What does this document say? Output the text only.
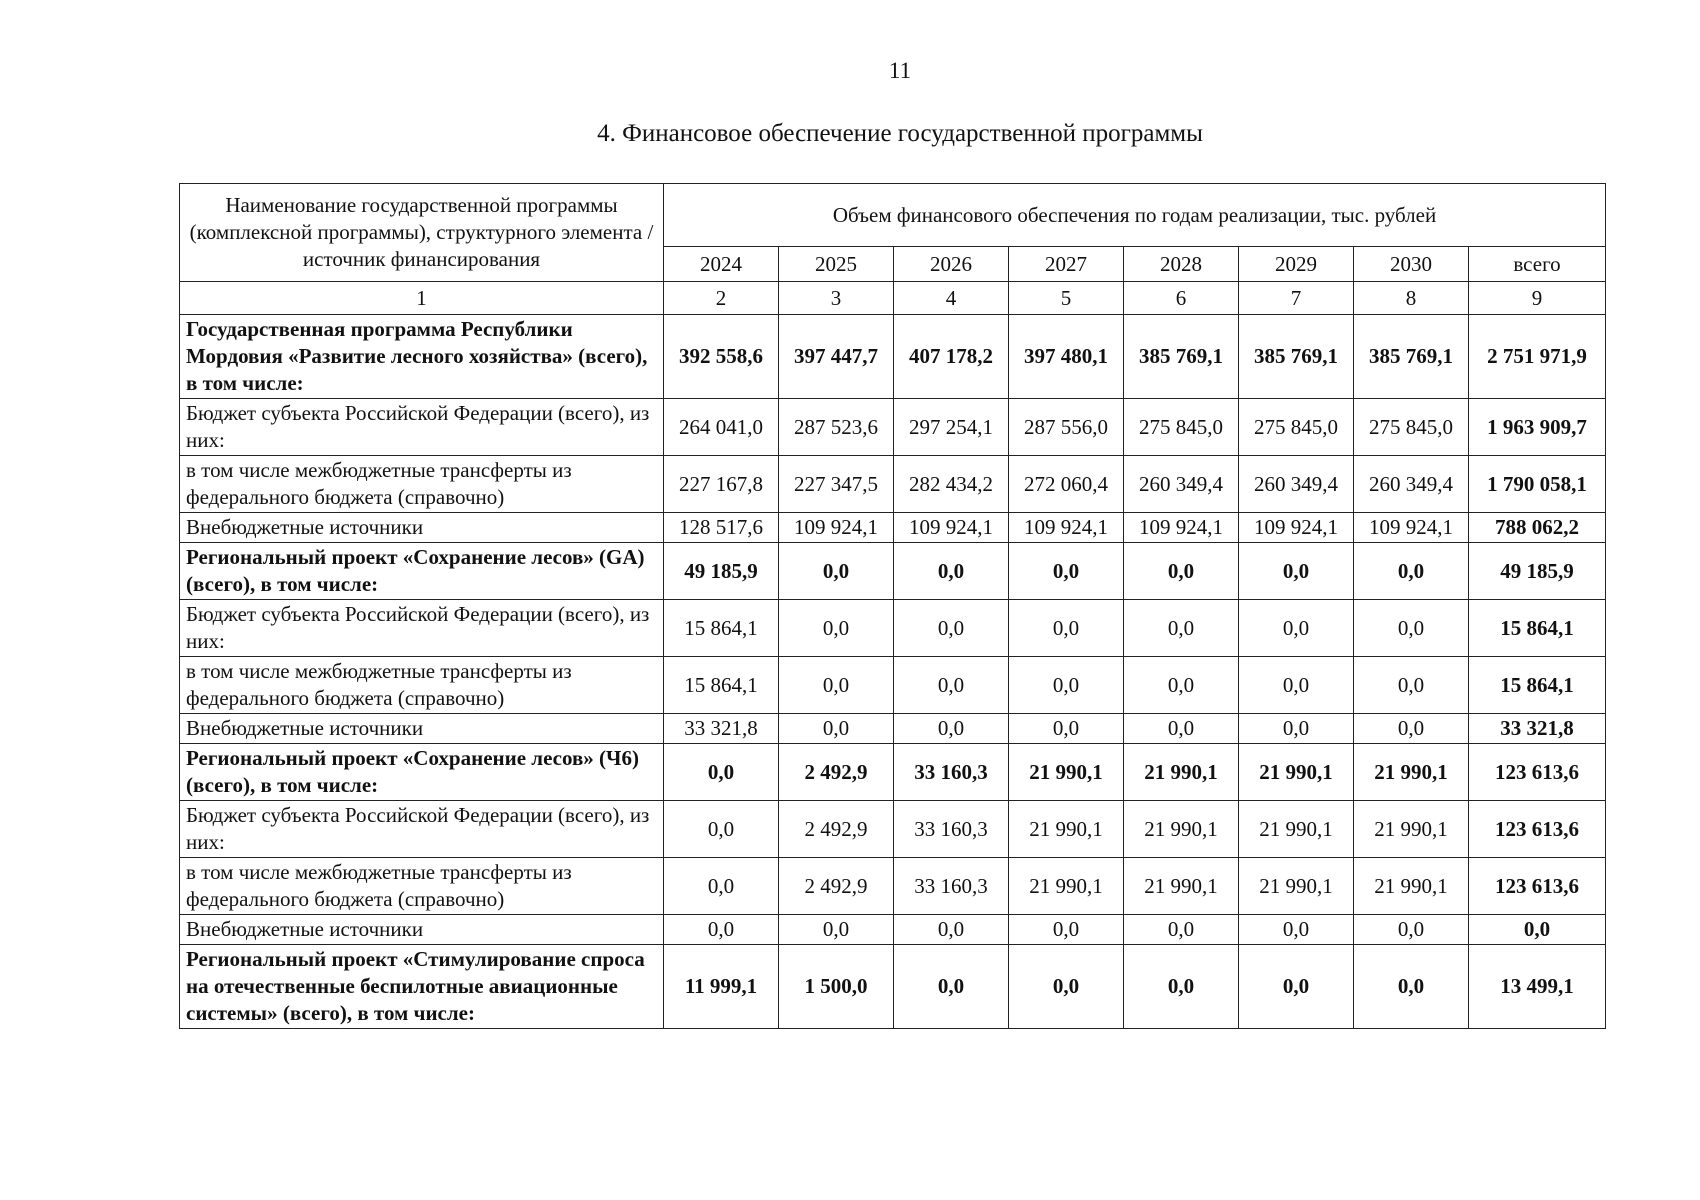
11
4. Финансовое обеспечение государственной программы
Наименование государственной программы (комплексной программы), структурного элемента / источник финансирования	Объем финансового обеспечения по годам реализации, тыс. рублей							
	2024	2025	2026	2027	2028	2029	2030	всего
1	2	3	4	5	6	7	8	9
Государственная программа Республики Мордовия «Развитие лесного хозяйства» (всего), в том числе:	392 558,6	397 447,7	407 178,2	397 480,1	385 769,1	385 769,1	385 769,1	2 751 971,9
Бюджет субъекта Российской Федерации (всего), из них:	264 041,0	287 523,6	297 254,1	287 556,0	275 845,0	275 845,0	275 845,0	1 963 909,7
в том числе межбюджетные трансферты из федерального бюджета (справочно)	227 167,8	227 347,5	282 434,2	272 060,4	260 349,4	260 349,4	260 349,4	1 790 058,1
Внебюджетные источники	128 517,6	109 924,1	109 924,1	109 924,1	109 924,1	109 924,1	109 924,1	788 062,2
Региональный проект «Сохранение лесов» (GA) (всего), в том числе:	49 185,9	0,0	0,0	0,0	0,0	0,0	0,0	49 185,9
Бюджет субъекта Российской Федерации (всего), из них:	15 864,1	0,0	0,0	0,0	0,0	0,0	0,0	15 864,1
в том числе межбюджетные трансферты из федерального бюджета (справочно)	15 864,1	0,0	0,0	0,0	0,0	0,0	0,0	15 864,1
Внебюджетные источники	33 321,8	0,0	0,0	0,0	0,0	0,0	0,0	33 321,8
Региональный проект «Сохранение лесов» (Ч6) (всего), в том числе:	0,0	2 492,9	33 160,3	21 990,1	21 990,1	21 990,1	21 990,1	123 613,6
Бюджет субъекта Российской Федерации (всего), из них:	0,0	2 492,9	33 160,3	21 990,1	21 990,1	21 990,1	21 990,1	123 613,6
в том числе межбюджетные трансферты из федерального бюджета (справочно)	0,0	2 492,9	33 160,3	21 990,1	21 990,1	21 990,1	21 990,1	123 613,6
Внебюджетные источники	0,0	0,0	0,0	0,0	0,0	0,0	0,0	0,0
Региональный проект «Стимулирование спроса на отечественные беспилотные авиационные системы» (всего), в том числе:	11 999,1	1 500,0	0,0	0,0	0,0	0,0	0,0	13 499,1
